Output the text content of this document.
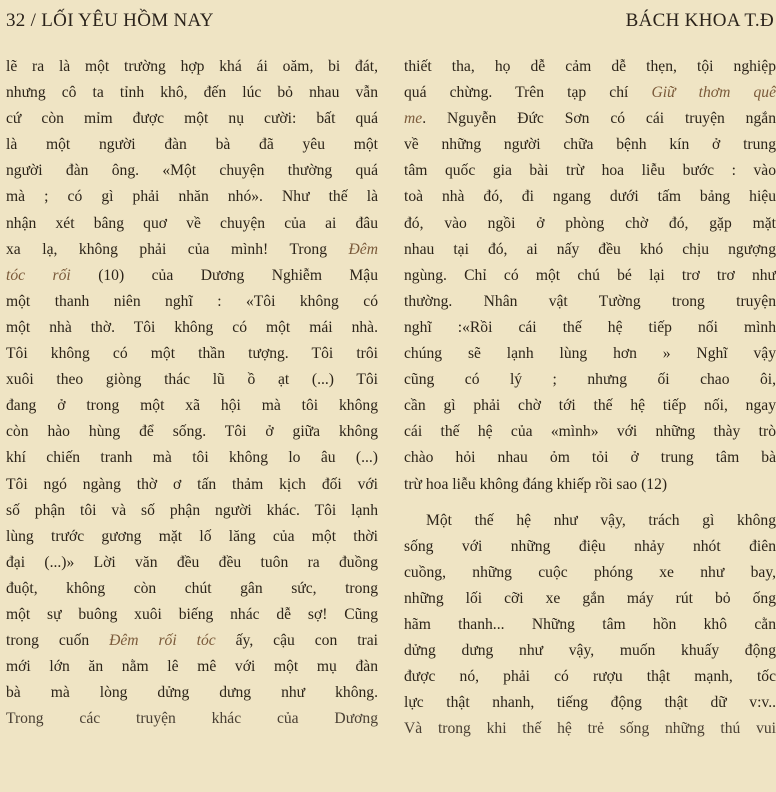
32 / LỐI YÊU HỒM NAY	BÁCH KHOA T.Đ
lẽ ra là một trường hợp khá ái oăm, bi đát,
nhưng cô ta tỉnh khô, đến lúc bỏ nhau vẫn
cứ còn mỉm được một nụ cười: bất quá
là một người đàn bà đã yêu một
người đàn ông. «Một chuyện thường quá
mà ; có gì phải nhăn nhó». Như thế là
nhận xét bâng quơ về chuyện của ai đâu
xa lạ, không phải của mình! Trong Đêm
tóc rối (10) của Dương Nghiễm Mậu
một thanh niên nghĩ : «Tôi không có
một nhà thờ. Tôi không có một mái nhà.
Tôi không có một thần tượng. Tôi trôi
xuôi theo giòng thác lũ ồ ạt (...) Tôi
đang ở trong một xã hội mà tôi không
còn hào hùng để sống. Tôi ở giữa không
khí chiến tranh mà tôi không lo âu (...)
Tôi ngó ngàng thờ ơ tấn thảm kịch đối với
số phận tôi và số phận người khác. Tôi lạnh
lùng trước gương mặt lố lăng của một thời
đại (...)» Lời văn đều đều tuôn ra đuồng
đuột, không còn chút gân sức, trong
một sự buông xuôi biếng nhác dễ sợ! Cũng
trong cuốn Đêm rối tóc ấy, cậu con trai
mới lớn ăn nằm lê mê với một mụ đàn
bà mà lòng dửng dưng như không.
Trong các truyện khác của Dương
thiết tha, họ dễ cảm dễ thẹn, tội nghiệp
quá chừng. Trên tạp chí Giữ thơm quê
me. Nguyễn Đức Sơn có cái truyện ngắn
về những người chữa bệnh kín ở trung
tâm quốc gia bài trừ hoa liễu bước : vào
toà nhà đó, đi ngang dưới tấm bảng hiệu
đó, vào ngồi ở phòng chờ đó, gặp mặt
nhau tại đó, ai nấy đều khó chịu ngượng
ngùng. Chỉ có một chú bé lại trơ trơ như
thường. Nhân vật Tường trong truyện
nghĩ :«Rồi cái thế hệ tiếp nối mình
chúng sẽ lạnh lùng hơn » Nghĩ vậy
cũng có lý ; nhưng ối chao ôi,
cần gì phải chờ tới thế hệ tiếp nối, ngay
cái thế hệ của «mình» với những thày trò
chào hỏi nhau ỏm tỏi ở trung tâm bà
trừ hoa liễu không đáng khiếp rồi sao (12)
Một thế hệ như vậy, trách gì không
sống với những điệu nhảy nhót điên
cuồng, những cuộc phóng xe như bay,
những lối cỡi xe gắn máy rút bỏ ống
hãm thanh... Những tâm hồn khô cằn
dửng dưng như vậy, muốn khuấy động
được nó, phải có rượu thật mạnh, tốc
lực thật nhanh, tiếng động thật dữ v:v..
Và trong khi thế hệ trẻ sống những thú vui
